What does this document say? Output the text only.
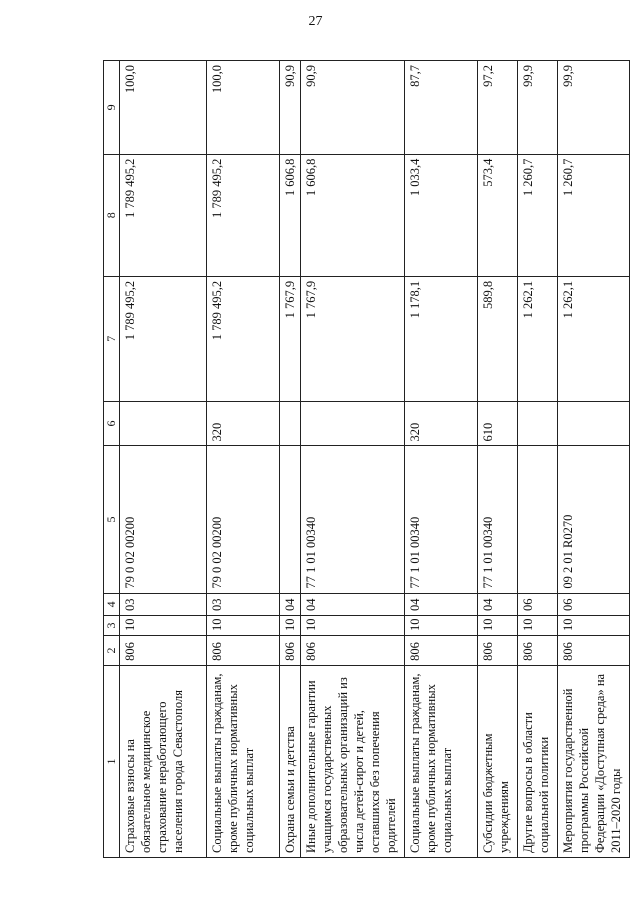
27
1	2	3	4	5	6	7	8	9
Страховые взносы на обязательное медицинское страхование неработающего населения города Севастополя	806	10	03	79 0 02 00200		1 789 495,2	1 789 495,2	100,0
Социальные выплаты гражданам, кроме публичных нормативных социальных выплат	806	10	03	79 0 02 00200	320	1 789 495,2	1 789 495,2	100,0
Охрана семьи и детства	806	10	04			1 767,9	1 606,8	90,9
Иные дополнительные гарантии учащимся государственных образовательных организаций из числа детей-сирот и детей, оставшихся без попечения родителей	806	10	04	77 1 01 00340		1 767,9	1 606,8	90,9
Социальные выплаты гражданам, кроме публичных нормативных социальных выплат	806	10	04	77 1 01 00340	320	1 178,1	1 033,4	87,7
Субсидии бюджетным учреждениям	806	10	04	77 1 01 00340	610	589,8	573,4	97,2
Другие вопросы в области социальной политики	806	10	06			1 262,1	1 260,7	99,9
Мероприятия государственной программы Российской Федерации «Доступная среда» на 2011–2020 годы	806	10	06	09 2 01 R0270		1 262,1	1 260,7	99,9
